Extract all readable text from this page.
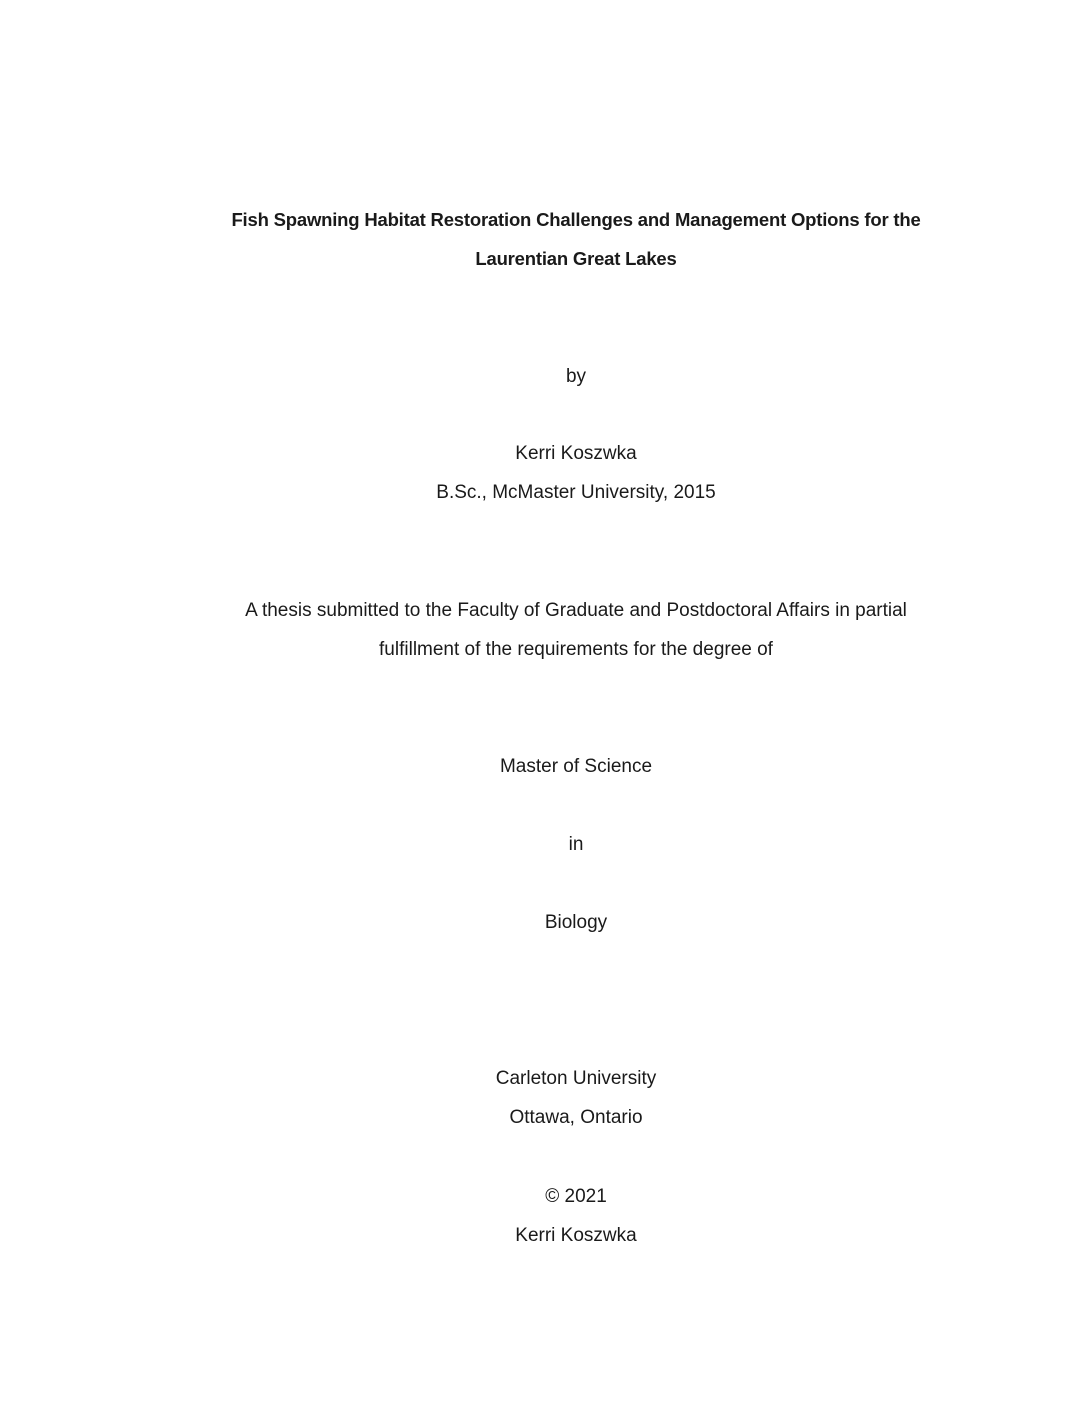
Fish Spawning Habitat Restoration Challenges and Management Options for the
Laurentian Great Lakes
by
Kerri Koszwka
B.Sc., McMaster University, 2015
A thesis submitted to the Faculty of Graduate and Postdoctoral Affairs in partial
fulfillment of the requirements for the degree of
Master of Science
in
Biology
Carleton University
Ottawa, Ontario
© 2021
Kerri Koszwka
